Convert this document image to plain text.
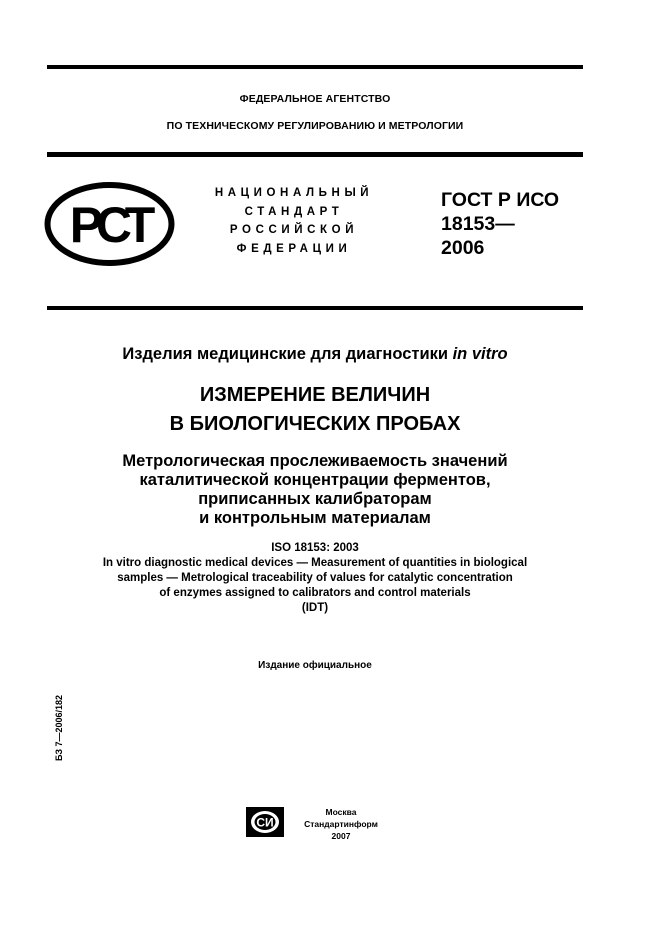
ФЕДЕРАЛЬНОЕ АГЕНТСТВО
ПО ТЕХНИЧЕСКОМУ РЕГУЛИРОВАНИЮ И МЕТРОЛОГИИ
РСТ
НАЦИОНАЛЬНЫЙ
СТАНДАРТ
РОССИЙСКОЙ
ФЕДЕРАЦИИ
ГОСТ Р ИСО
18153—
2006
Изделия медицинские для диагностики in vitro
ИЗМЕРЕНИЕ ВЕЛИЧИН
В БИОЛОГИЧЕСКИХ ПРОБАХ
Метрологическая прослеживаемость значений
каталитической концентрации ферментов,
приписанных калибраторам
и контрольным материалам
ISO 18153: 2003
In vitro diagnostic medical devices — Measurement of quantities in biological
samples — Metrological traceability of values for catalytic concentration
of enzymes assigned to calibrators and control materials
(IDT)
Издание официальное
БЗ 7—2006/182
СИ
Москва
Стандартинформ
2007
